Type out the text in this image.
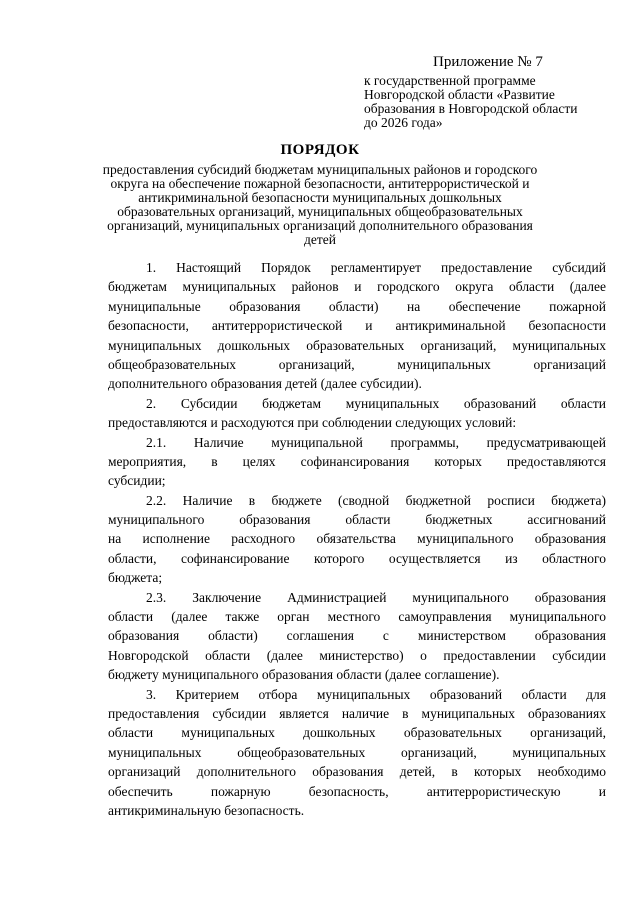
Приложение № 7
к государственной программе
Новгородской области «Развитие
образования в Новгородской области
до 2026 года»
ПОРЯДОК
предоставления субсидий бюджетам муниципальных районов и городского
округа на обеспечение пожарной безопасности, антитеррористической и
антикриминальной безопасности муниципальных дошкольных
образовательных организаций, муниципальных общеобразовательных
организаций, муниципальных организаций дополнительного образования
детей
1. Настоящий Порядок регламентирует предоставление субсидий
бюджетам муниципальных районов и городского округа области (далее
муниципальные образования области) на обеспечение пожарной
безопасности, антитеррористической и антикриминальной безопасности
муниципальных дошкольных образовательных организаций, муниципальных
общеобразовательных организаций, муниципальных организаций
дополнительного образования детей (далее субсидии).
2. Субсидии бюджетам муниципальных образований области
предоставляются и расходуются при соблюдении следующих условий:
2.1. Наличие муниципальной программы, предусматривающей
мероприятия, в целях софинансирования которых предоставляются
субсидии;
2.2. Наличие в бюджете (сводной бюджетной росписи бюджета)
муниципального образования области бюджетных ассигнований
на исполнение расходного обязательства муниципального образования
области, софинансирование которого осуществляется из областного
бюджета;
2.3. Заключение Администрацией муниципального образования
области (далее также орган местного самоуправления муниципального
образования области) соглашения с министерством образования
Новгородской области (далее министерство) о предоставлении субсидии
бюджету муниципального образования области (далее соглашение).
3. Критерием отбора муниципальных образований области для
предоставления субсидии является наличие в муниципальных образованиях
области муниципальных дошкольных образовательных организаций,
муниципальных общеобразовательных организаций, муниципальных
организаций дополнительного образования детей, в которых необходимо
обеспечить пожарную безопасность, антитеррористическую и
антикриминальную безопасность.
